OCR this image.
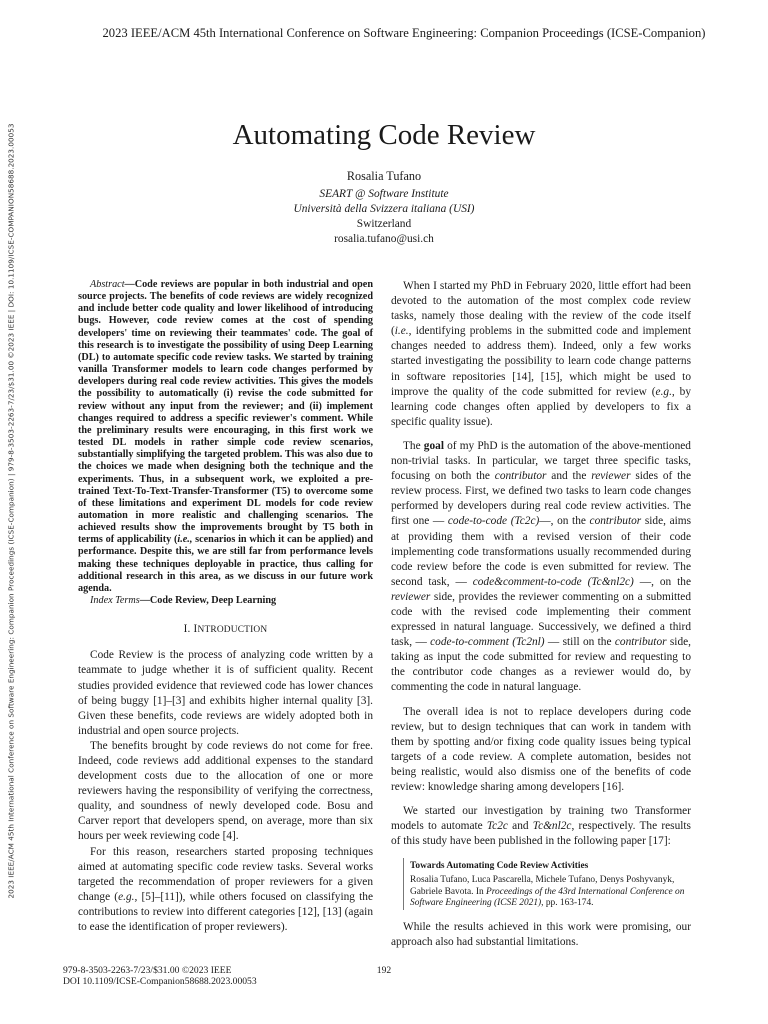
2023 IEEE/ACM 45th International Conference on Software Engineering: Companion Proceedings (ICSE-Companion)
2023 IEEE/ACM 45th International Conference on Software Engineering: Companion Proceedings (ICSE-Companion) | 979-8-3503-2263-7/23/$31.00 ©2023 IEEE | DOI: 10.1109/ICSE-COMPANION58688.2023.00053	Automating Code Review
Rosalia Tufano
SEART @ Software Institute
Università della Svizzera italiana (USI)
Switzerland
rosalia.tufano@usi.ch

Abstract—Code reviews are popular in both industrial and open source projects. The benefits of code reviews are widely recognized and include better code quality and lower likelihood of introducing bugs. However, code review comes at the cost of spending developers' time on reviewing their teammates' code. The goal of this research is to investigate the possibility of using Deep Learning (DL) to automate specific code review tasks. We started by training vanilla Transformer models to learn code changes performed by developers during real code review activities. This gives the models the possibility to automatically (i) revise the code submitted for review without any input from the reviewer; and (ii) implement changes required to address a specific reviewer's comment. While the preliminary results were encouraging, in this first work we tested DL models in rather simple code review scenarios, substantially simplifying the targeted problem. This was also due to the choices we made when designing both the technique and the experiments. Thus, in a subsequent work, we exploited a pre-trained Text-To-Text-Transfer-Transformer (T5) to overcome some of these limitations and experiment DL models for code review automation in more realistic and challenging scenarios. The achieved results show the improvements brought by T5 both in terms of applicability (i.e., scenarios in which it can be applied) and performance. Despite this, we are still far from performance levels making these techniques deployable in practice, thus calling for additional research in this area, as we discuss in our future work agenda.

Index Terms—Code Review, Deep Learning

I. INTRODUCTION

Code Review is the process of analyzing code written by a teammate to judge whether it is of sufficient quality. Recent studies provided evidence that reviewed code has lower chances of being buggy [1]–[3] and exhibits higher internal quality [3]. Given these benefits, code reviews are widely adopted both in industrial and open source projects.

The benefits brought by code reviews do not come for free. Indeed, code reviews add additional expenses to the standard development costs due to the allocation of one or more reviewers having the responsibility of verifying the correctness, quality, and soundness of newly developed code. Bosu and Carver report that developers spend, on average, more than six hours per week reviewing code [4].

For this reason, researchers started proposing techniques aimed at automating specific code review tasks. Several works targeted the recommendation of proper reviewers for a given change (e.g., [5]–[11]), while others focused on classifying the contributions to review into different categories [12], [13] (again to ease the identification of proper reviewers).

When I started my PhD in February 2020, little effort had been devoted to the automation of the most complex code review tasks, namely those dealing with the review of the code itself (i.e., identifying problems in the submitted code and implement changes needed to address them). Indeed, only a few works started investigating the possibility to learn code change patterns in software repositories [14], [15], which might be used to improve the quality of the code submitted for review (e.g., by learning code changes often applied by developers to fix a specific quality issue).

The goal of my PhD is the automation of the above-mentioned non-trivial tasks. In particular, we target three specific tasks, focusing on both the contributor and the reviewer sides of the review process. First, we defined two tasks to learn code changes performed by developers during real code review activities. The first one — code-to-code (Tc2c)—, on the contributor side, aims at providing them with a revised version of their code implementing code transformations usually recommended during code review before the code is even submitted for review. The second task, — code&comment-to-code (Tc&nl2c) —, on the reviewer side, provides the reviewer commenting on a submitted code with the revised code implementing their comment expressed in natural language. Successively, we defined a third task, — code-to-comment (Tc2nl) — still on the contributor side, taking as input the code submitted for review and requesting to the contributor code changes as a reviewer would do, by commenting the code in natural language.

The overall idea is not to replace developers during code review, but to design techniques that can work in tandem with them by spotting and/or fixing code quality issues being typical targets of a code review. A complete automation, besides not being realistic, would also dismiss one of the benefits of code review: knowledge sharing among developers [16].

We started our investigation by training two Transformer models to automate Tc2c and Tc&nl2c, respectively. The results of this study have been published in the following paper [17]:

Towards Automating Code Review Activities
Rosalia Tufano, Luca Pascarella, Michele Tufano, Denys Poshyvanyk, Gabriele Bavota. In Proceedings of the 43rd International Conference on Software Engineering (ICSE 2021), pp. 163-174.

While the results achieved in this work were promising, our approach also had substantial limitations.

979-8-3503-2263-7/23/$31.00 ©2023 IEEE
DOI 10.1109/ICSE-Companion58688.2023.00053
192
